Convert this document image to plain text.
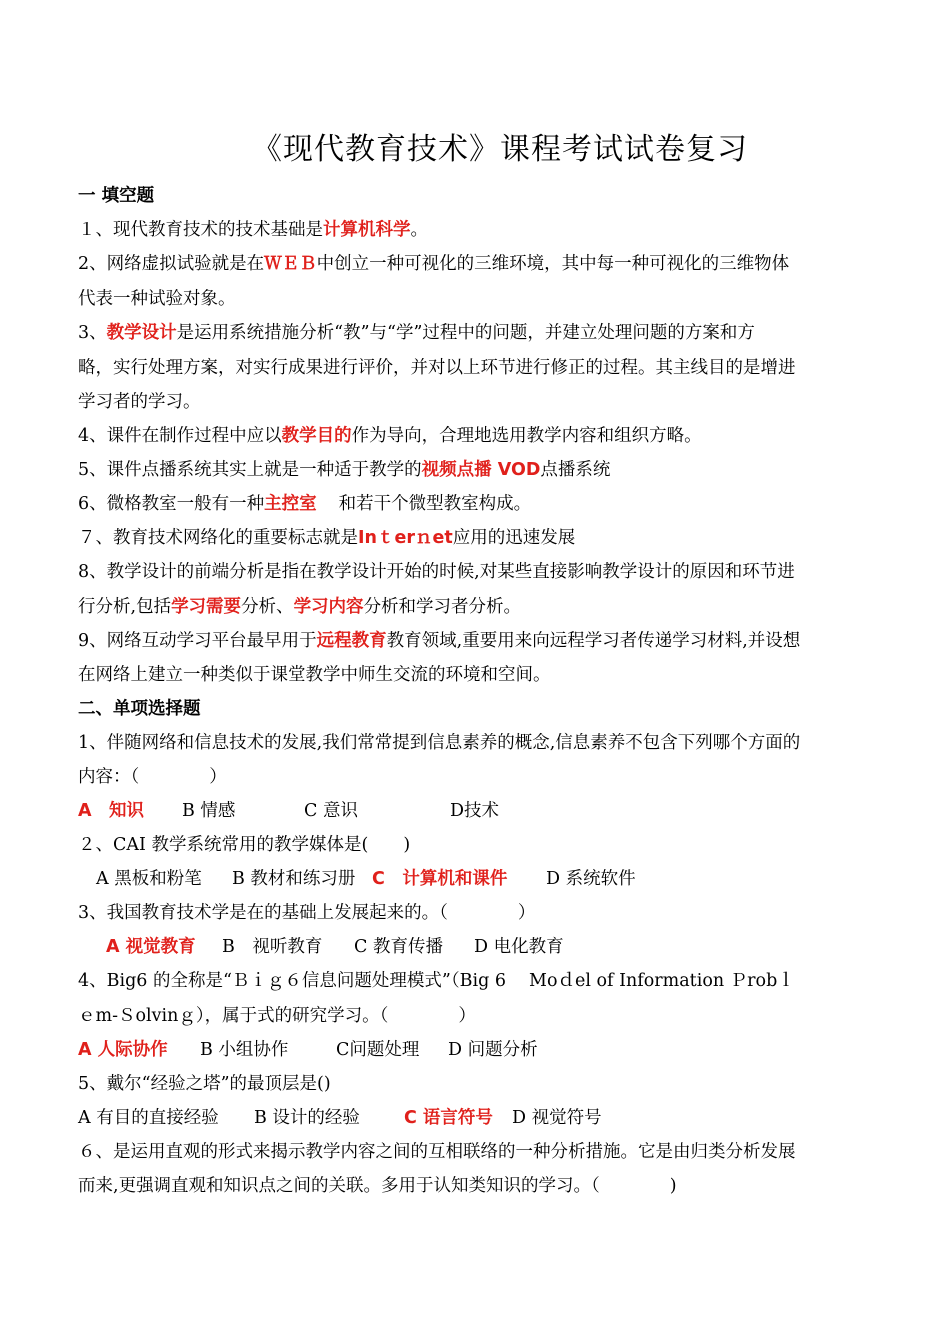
《现代教育技术》课程考试试卷复习
一 填空题
１、现代教育技术的技术基础是计算机科学。
2、网络虚拟试验就是在ＷＥＢ中创立一种可视化的三维环境，其中每一种可视化的三维物体
代表一种试验对象。
3、教学设计是运用系统措施分析“教”与“学”过程中的问题，并建立处理问题的方案和方
略，实行处理方案，对实行成果进行评价，并对以上环节进行修正的过程。其主线目的是增进
学习者的学习。
4、课件在制作过程中应以教学目的作为导向，合理地选用教学内容和组织方略。
5、课件点播系统其实上就是一种适于教学的视频点播 VOD点播系统
6、微格教室一般有一种主控室 和若干个微型教室构成。
７、教育技术网络化的重要标志就是Inｔerｎet应用的迅速发展
8、教学设计的前端分析是指在教学设计开始的时候,对某些直接影响教学设计的原因和环节进
行分析,包括学习需要分析、学习内容分析和学习者分析。
9、网络互动学习平台最早用于远程教育教育领域,重要用来向远程学习者传递学习材料,并设想
在网络上建立一种类似于课堂教学中师生交流的环境和空间。
二、单项选择题
1、伴随网络和信息技术的发展,我们常常提到信息素养的概念,信息素养不包含下列哪个方面的
内容：（　　　　）
A　知识 B 情感	C 意识	D技术
２、CAI 教学系统常用的教学媒体是(　　)
A 黑板和粉笔 B 教材和练习册 C　计算机和课件 D 系统软件
3、我国教育技术学是在的基础上发展起来的。（　　　　）
A 视觉教育 B　视听教育 C 教育传播 D 电化教育
4、Big6 的全称是“Ｂｉｇ６信息问题处理模式”（Big 6　 Moｄel of Information Ｐrobｌ
ｅm-Ｓolvinｇ），属于式的研究学习。（　　　　）
A 人际协作 B 小组协作	C问题处理 D 问题分析
5、戴尔“经验之塔”的最顶层是()
A 有目的直接经验 B 设计的经验	C 语言符号 D 视觉符号
６、是运用直观的形式来揭示教学内容之间的互相联络的一种分析措施。它是由归类分析发展
而来,更强调直观和知识点之间的关联。多用于认知类知识的学习。（　　　　)
